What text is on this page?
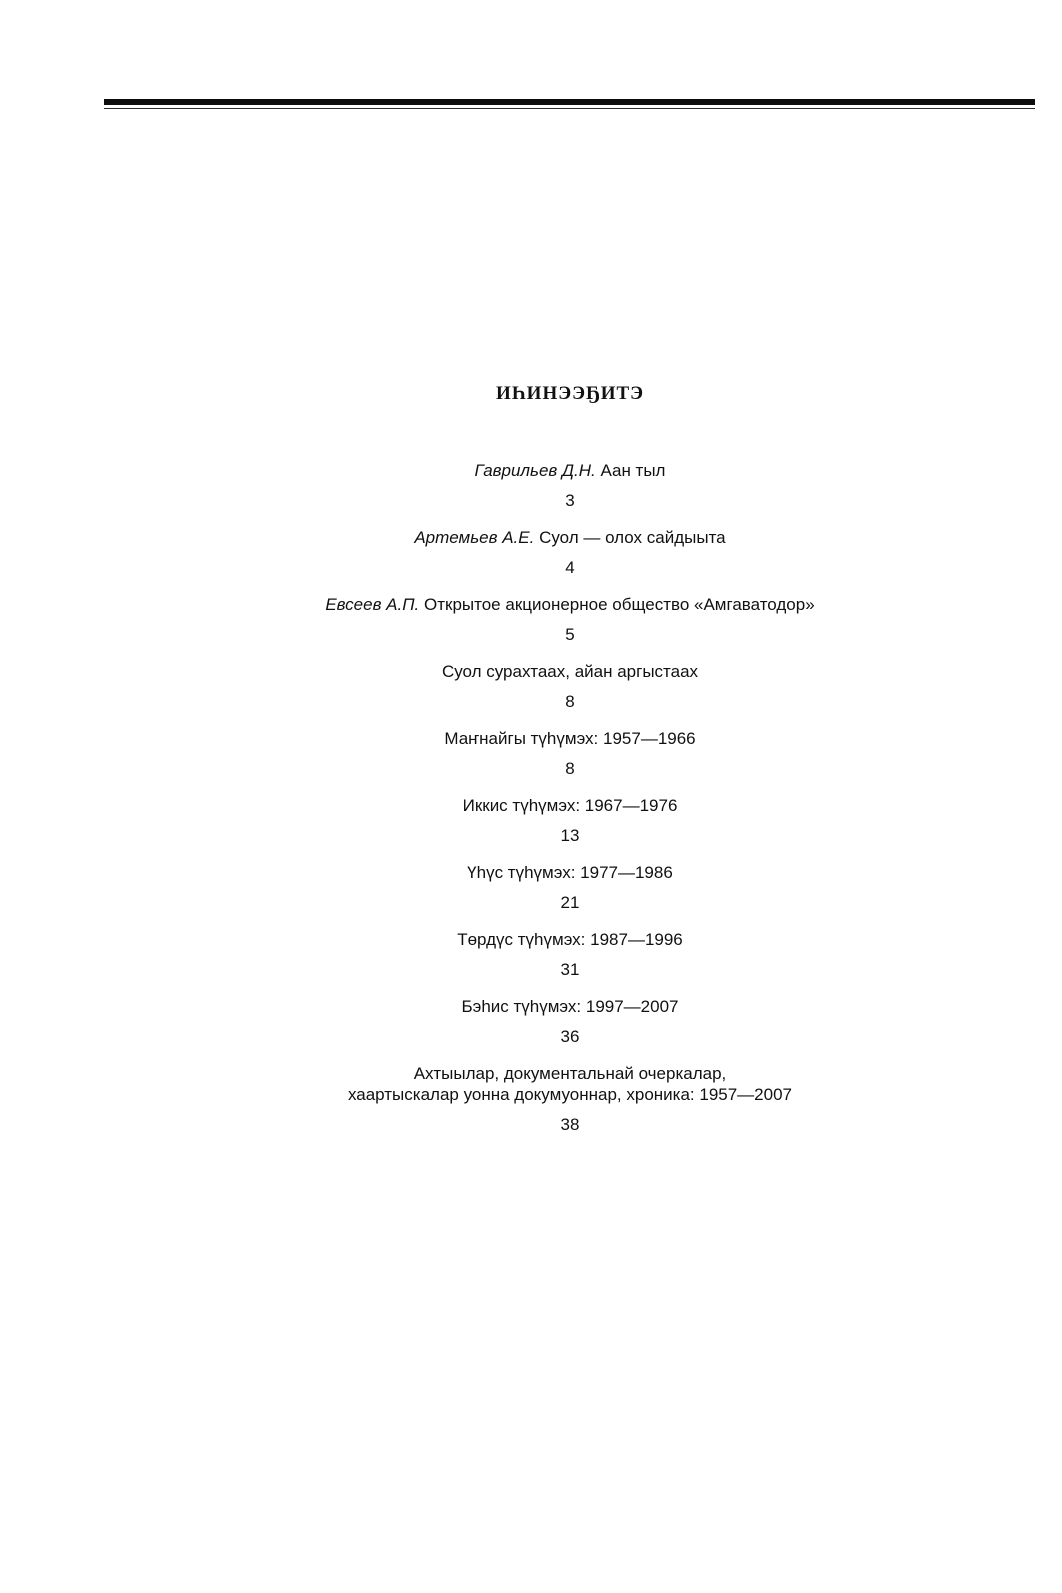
ИҺИНЭЭҔИТЭ
Гаврильев Д.Н. Аан тыл
3
Артемьев А.Е. Суол — олох сайдыыта
4
Евсеев А.П. Открытое акционерное общество «Амгаватодор»
5
Суол сурахтаах, айан аргыстаах
8
Маҥнайгы түһүмэх: 1957—1966
8
Иккис түһүмэх: 1967—1976
13
Үһүс түһүмэх: 1977—1986
21
Төрдүс түһүмэх: 1987—1996
31
Бэһис түһүмэх: 1997—2007
36
Ахтыылар, документальнай очеркалар,
хаартыскалар уонна докумуоннар, хроника: 1957—2007
38
